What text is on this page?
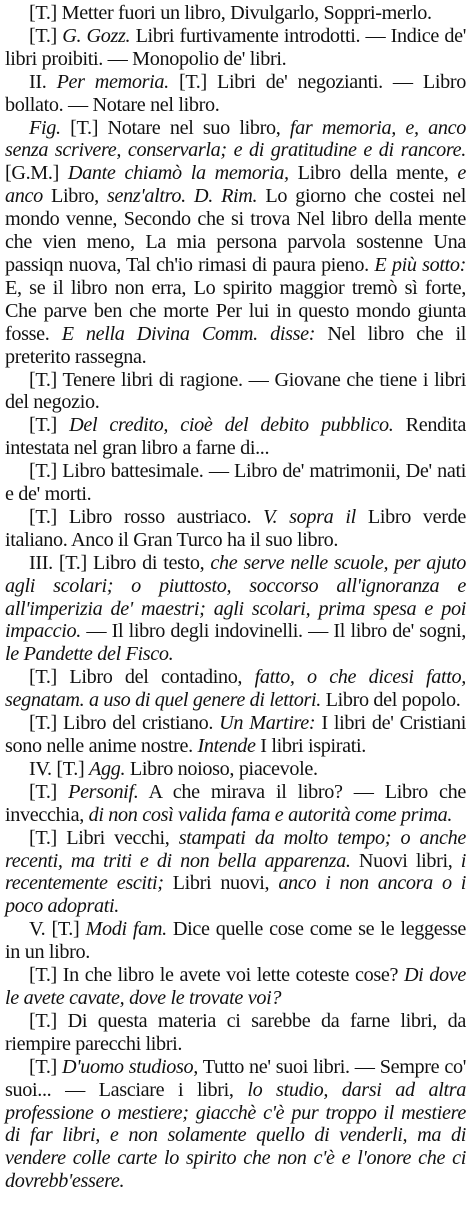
[T.] Metter fuori un libro, Divulgarlo, Soppri-merlo.

[T.] G. Gozz. Libri furtivamente introdotti. — Indice de' libri proibiti. — Monopolio de' libri.

II. Per memoria. [T.] Libri de' negozianti. — Libro bollato. — Notare nel libro.

Fig. [T.] Notare nel suo libro, far memoria, e, anco senza scrivere, conservarla; e di gratitudine e di rancore. [G.M.] Dante chiamò la memoria, Libro della mente, e anco Libro, senz'altro. D. Rim. Lo giorno che costei nel mondo venne, Secondo che si trova Nel libro della mente che vien meno, La mia persona parvola sostenne Una passiqn nuova, Tal ch'io rimasi di paura pieno. E più sotto: E, se il libro non erra, Lo spirito maggior tremò sì forte, Che parve ben che morte Per lui in questo mondo giunta fosse. E nella Divina Comm. disse: Nel libro che il preterito rassegna.

[T.] Tenere libri di ragione. — Giovane che tiene i libri del negozio.

[T.] Del credito, cioè del debito pubblico. Rendita intestata nel gran libro a farne di...

[T.] Libro battesimale. — Libro de' matrimonii, De' nati e de' morti.

[T.] Libro rosso austriaco. V. sopra il Libro verde italiano. Anco il Gran Turco ha il suo libro.

III. [T.] Libro di testo, che serve nelle scuole, per ajuto agli scolari; o piuttosto, soccorso all'ignoranza e all'imperizia de' maestri; agli scolari, prima spesa e poi impaccio. — Il libro degli indovinelli. — Il libro de' sogni, le Pandette del Fisco.

[T.] Libro del contadino, fatto, o che dicesi fatto, segnatam. a uso di quel genere di lettori. Libro del popolo.

[T.] Libro del cristiano. Un Martire: I libri de' Cristiani sono nelle anime nostre. Intende I libri ispirati.

IV. [T.] Agg. Libro noioso, piacevole.

[T.] Personif. A che mirava il libro? — Libro che invecchia, di non così valida fama e autorità come prima.

[T.] Libri vecchi, stampati da molto tempo; o anche recenti, ma triti e di non bella apparenza. Nuovi libri, i recentemente esciti; Libri nuovi, anco i non ancora o i poco adoprati.

V. [T.] Modi fam. Dice quelle cose come se le leggesse in un libro.

[T.] In che libro le avete voi lette coteste cose? Di dove le avete cavate, dove le trovate voi?

[T.] Di questa materia ci sarebbe da farne libri, da riempire parecchi libri.

[T.] D'uomo studioso, Tutto ne' suoi libri. — Sempre co' suoi... — Lasciare i libri, lo studio, darsi ad altra professione o mestiere; giacchè c'è pur troppo il mestiere di far libri, e non solamente quello di venderli, ma di vendere colle carte lo spirito che non c'è e l'onore che ci dovrebb'essere.
